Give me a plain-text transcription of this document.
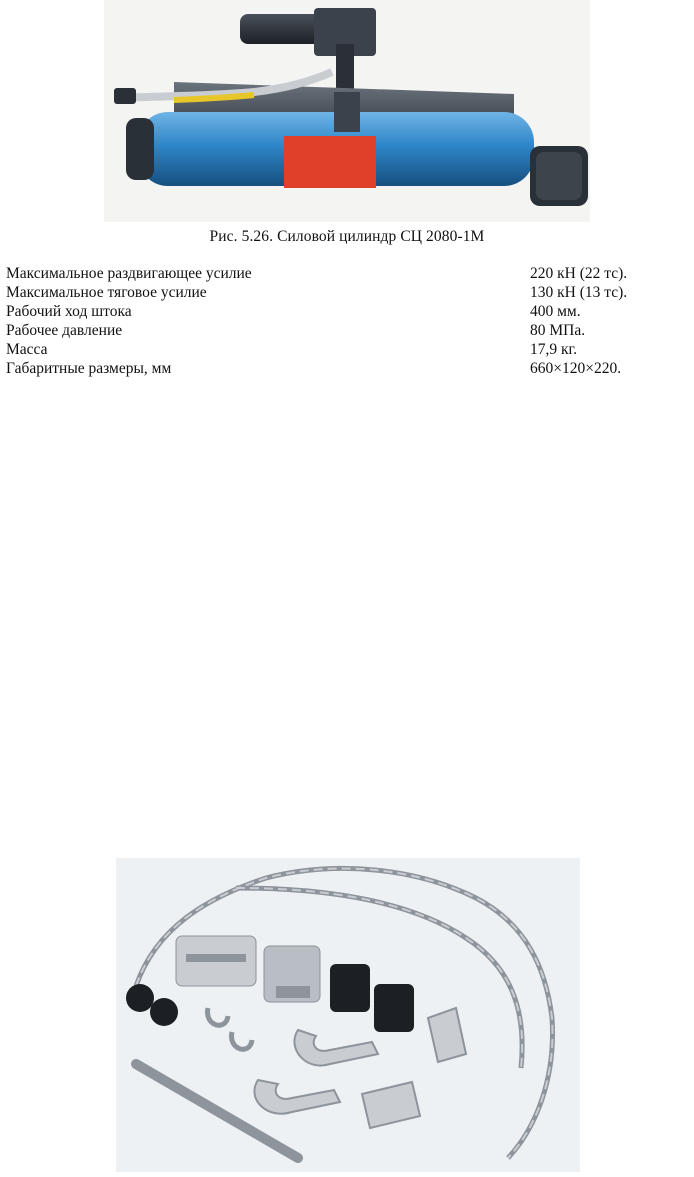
Рис. 5.26. Силовой цилиндр СЦ 2080-1М
Максимальное раздвигающее усилие	220 кН (22 тс).
Максимальное тяговое усилие	130 кН (13 тс).
Рабочий ход штока	400 мм.
Рабочее давление	80 МПа.
Масса	17,9 кг.
Габаритные размеры, мм	660×120×220.
